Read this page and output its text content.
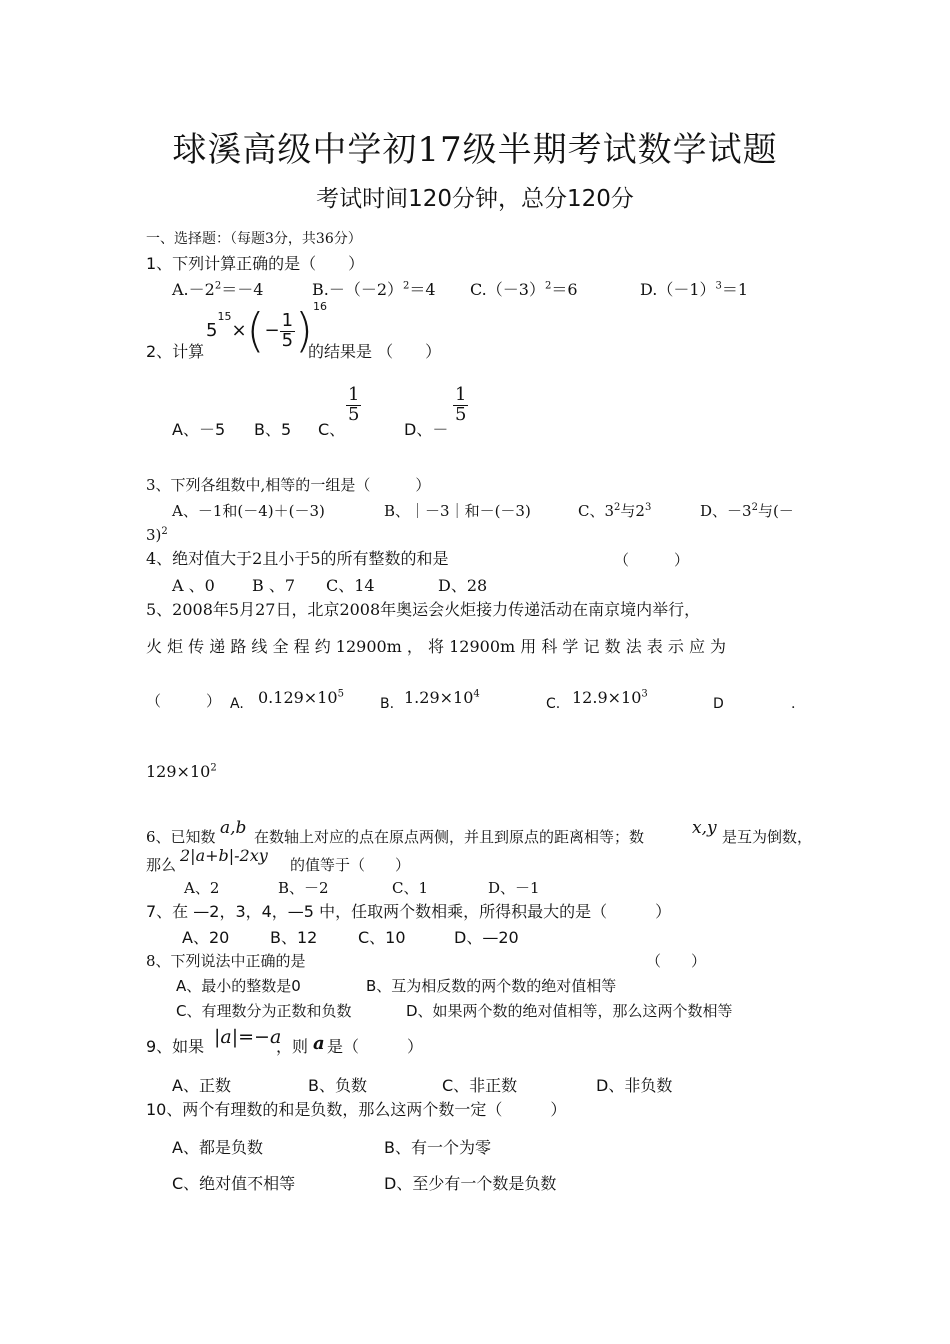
球溪高级中学初17级半期考试数学试题
考试时间120分钟，总分120分
一、选择题：（每题3分，共36分）
1、下列计算正确的是（　　）
$A.-2^2=-4$	$B.-(-2)^2=4$ $C.(-3)^2=6$	$D.(-1)^3=1$
2、计算
$5^{15}\times(- \frac{1}{5} )^{16}$
的结果是 （　　）
A、－5 B、5 C、
$\frac{1}{5}$
D、－
$\frac{1}{5}$
3、下列各组数中,相等的一组是（　　　）
A、－1和(－4)＋(－3)	B、｜－3｜和－(－3)	C、$3^2$与$2^3$	D、$-3^2$与(－
3)$^2$
4、绝对值大于2且小于5的所有整数的和是	（　　　）
A 、0 B 、7 C、14	D、28
5、2008年5月27日，北京2008年奥运会火炬接力传递活动在南京境内举行，
火 炬 传 递 路 线 全 程 约 12900m ， 将 12900m 用 科 学 记 数 法 表 示 应 为
（　　　） A. $0.129\times 10^5$
B. $1.29\times 10^4$
C. $12.9\times 10^3$
D	.
$129\times 10^2$
6、已知数 a,b 在数轴上对应的点在原点两侧，并且到原点的距离相等；数	x,y 是互为倒数，
那么 2|a+b|-2xy 的值等于（　　）
A、2	B、－2	C、1	D、－1
7、在 —2，3，4，—5 中，任取两个数相乘，所得积最大的是（　　　）
A、20	B、12	C、10	D、—20
8、下列说法中正确的是	（　　）
A、最小的整数是0	B、互为相反数的两个数的绝对值相等
C、有理数分为正数和负数	D、如果两个数的绝对值相等，那么这两个数相等
9、如果 |a|=−a
，则 a 是（　　　）
A、正数	B、负数	C、非正数	D、非负数
10、两个有理数的和是负数，那么这两个数一定（　　　）
A、都是负数	B、有一个为零
C、绝对值不相等	D、至少有一个数是负数
